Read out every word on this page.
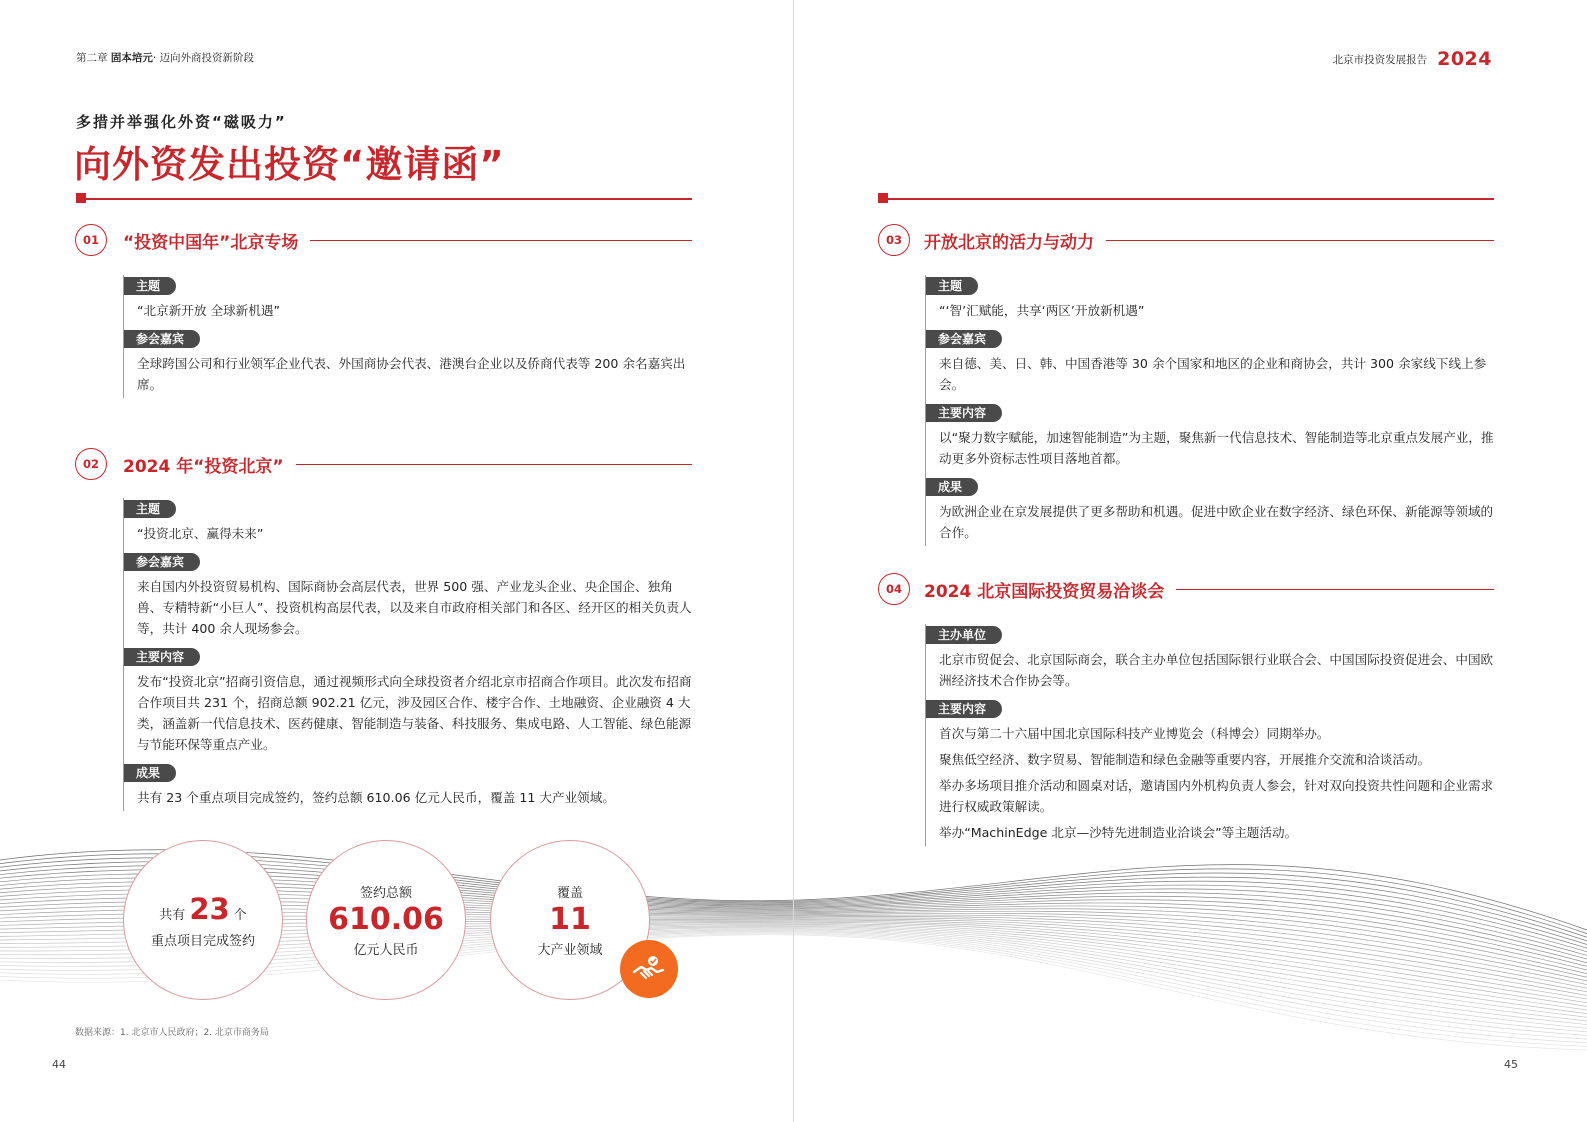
第二章 固本培元· 迈向外商投资新阶段
多措并举强化外资“磁吸力”
向外资发出投资“邀请函”
01	“投资中国年”北京专场
主题

“北京新开放 全球新机遇”

参会嘉宾

全球跨国公司和行业领军企业代表、外国商协会代表、港澳台企业以及侨商代表等 200 余名嘉宾出席。

02	2024 年“投资北京”
主题

“投资北京、赢得未来”

参会嘉宾

来自国内外投资贸易机构、国际商协会高层代表，世界 500 强、产业龙头企业、央企国企、独角兽、专精特新“小巨人”、投资机构高层代表，以及来自市政府相关部门和各区、经开区的相关负责人等，共计 400 余人现场参会。

主要内容

发布“投资北京”招商引资信息，通过视频形式向全球投资者介绍北京市招商合作项目。此次发布招商合作项目共 231 个，招商总额 902.21 亿元，涉及园区合作、楼宇合作、土地融资、企业融资 4 大类，涵盖新一代信息技术、医药健康、智能制造与装备、科技服务、集成电路、人工智能、绿色能源与节能环保等重点产业。

成果

共有 23 个重点项目完成签约，签约总额 610.06 亿元人民币，覆盖 11 大产业领域。

共有 23 个
重点项目完成签约
签约总额
610.06
亿元人民币
覆盖
11
大产业领域
数据来源：1. 北京市人民政府；2. 北京市商务局
44
北京市投资发展报告 2024
03	开放北京的活力与动力
主题

“‘智’汇赋能，共享‘两区’开放新机遇”

参会嘉宾

来自德、美、日、韩、中国香港等 30 余个国家和地区的企业和商协会，共计 300 余家线下线上参会。

主要内容

以“聚力数字赋能，加速智能制造”为主题，聚焦新一代信息技术、智能制造等北京重点发展产业，推动更多外资标志性项目落地首都。

成果

为欧洲企业在京发展提供了更多帮助和机遇。促进中欧企业在数字经济、绿色环保、新能源等领域的合作。

04	2024 北京国际投资贸易洽谈会
主办单位

北京市贸促会、北京国际商会，联合主办单位包括国际银行业联合会、中国国际投资促进会、中国欧洲经济技术合作协会等。

主要内容

首次与第二十六届中国北京国际科技产业博览会（科博会）同期举办。

聚焦低空经济、数字贸易、智能制造和绿色金融等重要内容，开展推介交流和洽谈活动。

举办多场项目推介活动和圆桌对话，邀请国内外机构负责人参会，针对双向投资共性问题和企业需求进行权威政策解读。

举办“MachinEdge 北京—沙特先进制造业洽谈会”等主题活动。

45
